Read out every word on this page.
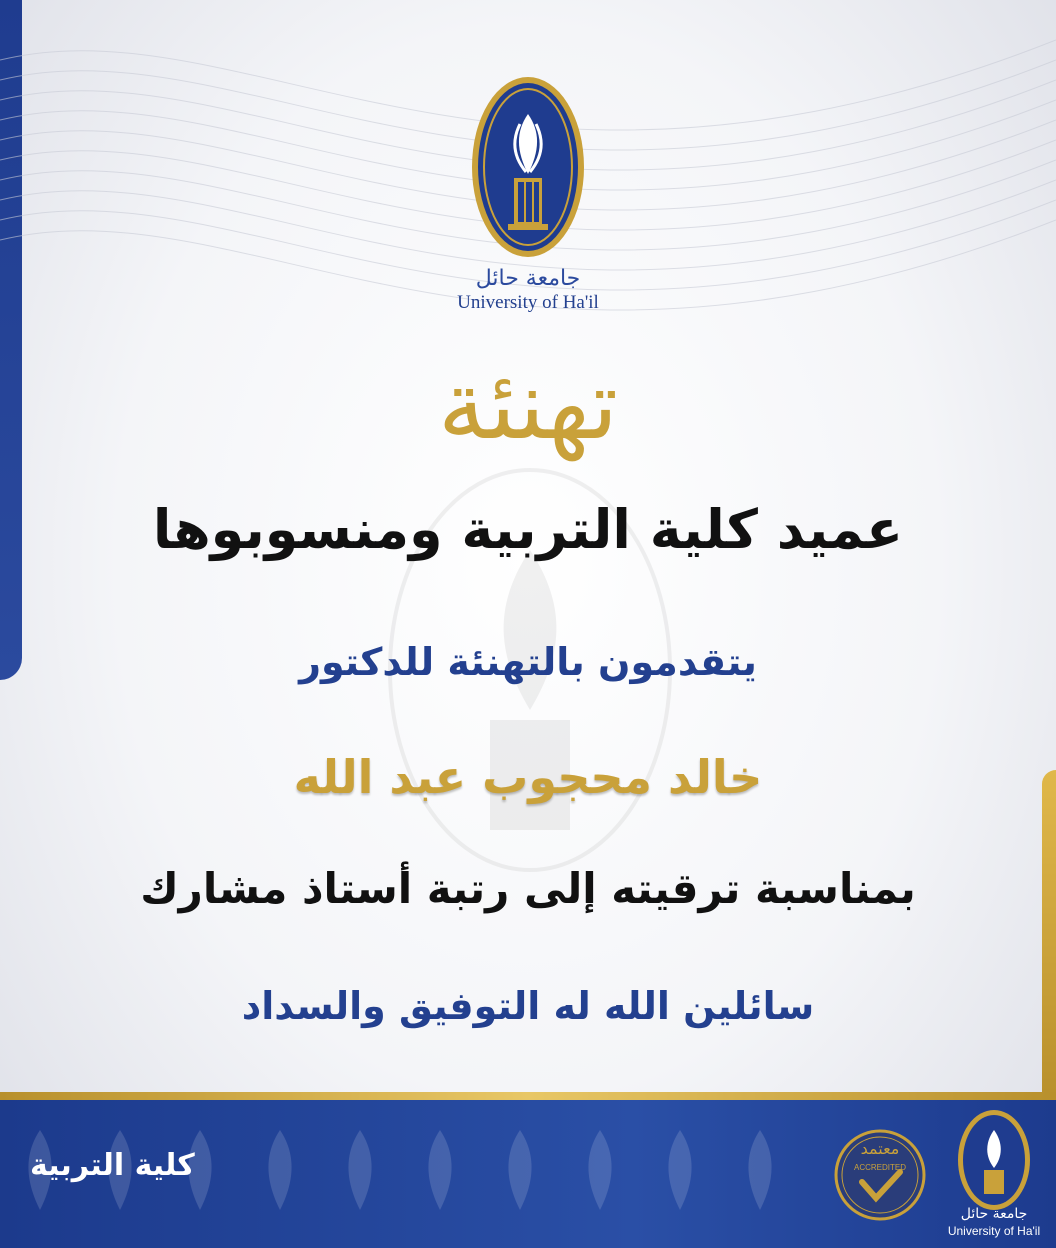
جامعة حائل
University of Ha'il
تهنئة
عميد كلية التربية ومنسوبوها
يتقدمون بالتهنئة للدكتور
خالد محجوب عبد الله
بمناسبة ترقيته إلى رتبة أستاذ مشارك
سائلين الله له التوفيق والسداد
كلية التربية	معتمد
ACCREDITED
جامعة حائل
University of Ha'il
